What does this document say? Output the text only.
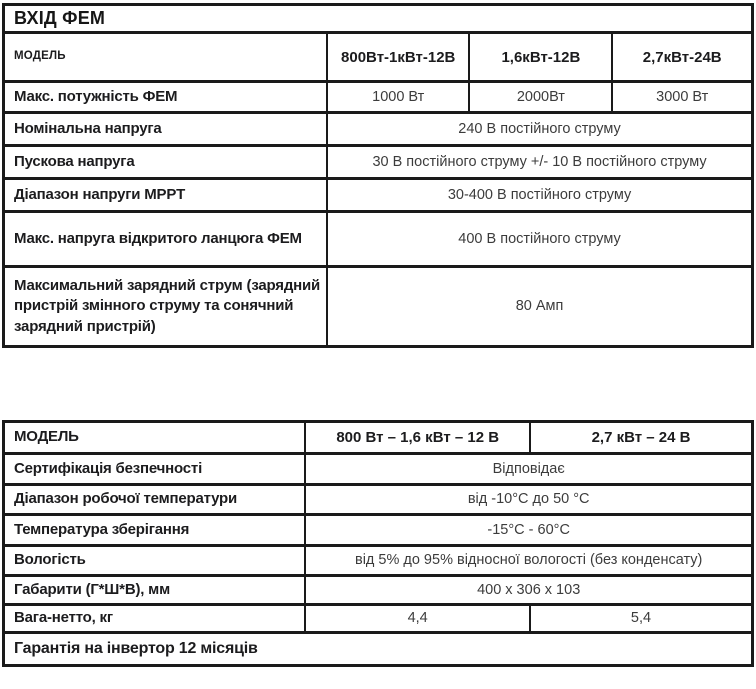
ВХІД ФЕМ			
МОДЕЛЬ	800Вт-1кВт-12В	1,6кВт-12В	2,7кВт-24В
Макс. потужність ФЕМ	1000 Вт	2000Вт	3000 Вт
Номінальна напруга	240 В постійного струму		
Пускова напруга	30 В постійного струму +/- 10 В постійного струму		
Діапазон напруги MPPT	30-400 В постійного струму		
Макс. напруга відкритого ланцюга ФЕМ	400 В постійного струму		
Максимальний зарядний струм (зарядний пристрій змінного струму та сонячний зарядний пристрій)	80 Амп		
МОДЕЛЬ	800 Вт – 1,6 кВт – 12 В	2,7 кВт – 24 В
Сертифікація безпечності	Відповідає	
Діапазон робочої температури	від -10°C до 50 °C	
Температура зберігання	-15°C - 60°C	
Вологість	від 5% до 95% відносної вологості (без конденсату)	
Габарити (Г*Ш*В), мм	400 x 306 x 103	
Вага-нетто, кг	4,4	5,4
Гарантія на інвертор 12 місяців		
